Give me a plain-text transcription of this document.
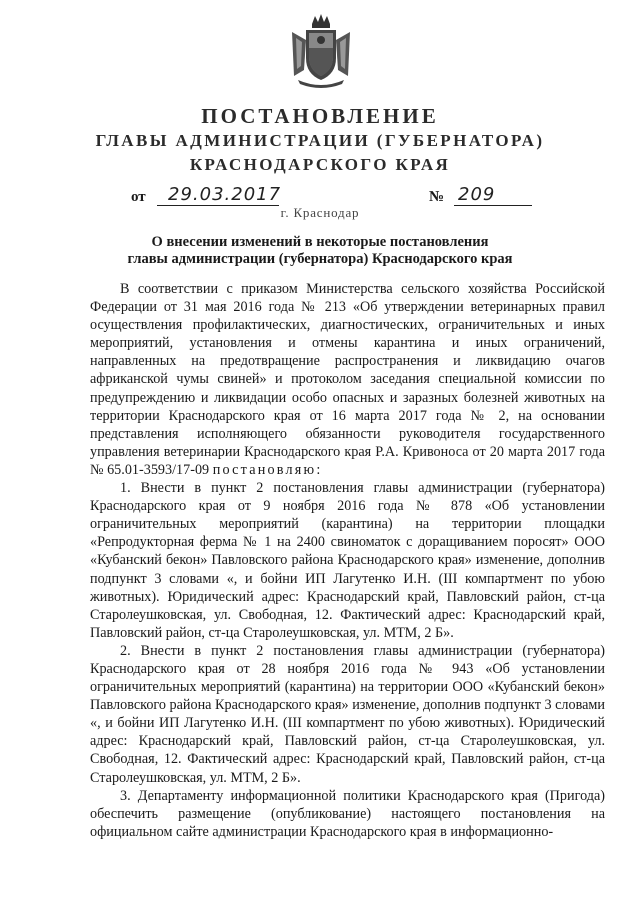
ПОСТАНОВЛЕНИЕ
ГЛАВЫ АДМИНИСТРАЦИИ (ГУБЕРНАТОРА)
КРАСНОДАРСКОГО КРАЯ
от 29.03.2017	№ 209
г. Краснодар
О внесении изменений в некоторые постановления
главы администрации (губернатора) Краснодарского края

В соответствии с приказом Министерства сельского хозяйства Российской Федерации от 31 мая 2016 года № 213 «Об утверждении ветеринарных правил осуществления профилактических, диагностических, ограничительных и иных мероприятий, установления и отмены карантина и иных ограничений, направленных на предотвращение распространения и ликвидацию очагов африканской чумы свиней» и протоколом заседания специальной комиссии по предупреждению и ликвидации особо опасных и заразных болезней животных на территории Краснодарского края от 16 марта 2017 года № 2, на основании представления исполняющего обязанности руководителя государственного управления ветеринарии Краснодарского края Р.А. Кривоноса от 20 марта 2017 года № 65.01-3593/17-09 постановляю:

1. Внести в пункт 2 постановления главы администрации (губернатора) Краснодарского края от 9 ноября 2016 года № 878 «Об установлении ограничительных мероприятий (карантина) на территории площадки «Репродукторная ферма № 1 на 2400 свиноматок с доращиванием поросят» ООО «Кубанский бекон» Павловского района Краснодарского края» изменение, дополнив подпункт 3 словами «, и бойни ИП Лагутенко И.Н. (III компартмент по убою животных). Юридический адрес: Краснодарский край, Павловский район, ст-ца Старолеушковская, ул. Свободная, 12. Фактический адрес: Краснодарский край, Павловский район, ст-ца Старолеушковская, ул. МТМ, 2 Б».

2. Внести в пункт 2 постановления главы администрации (губернатора) Краснодарского края от 28 ноября 2016 года № 943 «Об установлении ограничительных мероприятий (карантина) на территории ООО «Кубанский бекон» Павловского района Краснодарского края» изменение, дополнив подпункт 3 словами «, и бойни ИП Лагутенко И.Н. (III компартмент по убою животных). Юридический адрес: Краснодарский край, Павловский район, ст-ца Старолеушковская, ул. Свободная, 12. Фактический адрес: Краснодарский край, Павловский район, ст-ца Старолеушковская, ул. МТМ, 2 Б».

3. Департаменту информационной политики Краснодарского края (Пригода) обеспечить размещение (опубликование) настоящего постановления на официальном сайте администрации Краснодарского края в информационно-
